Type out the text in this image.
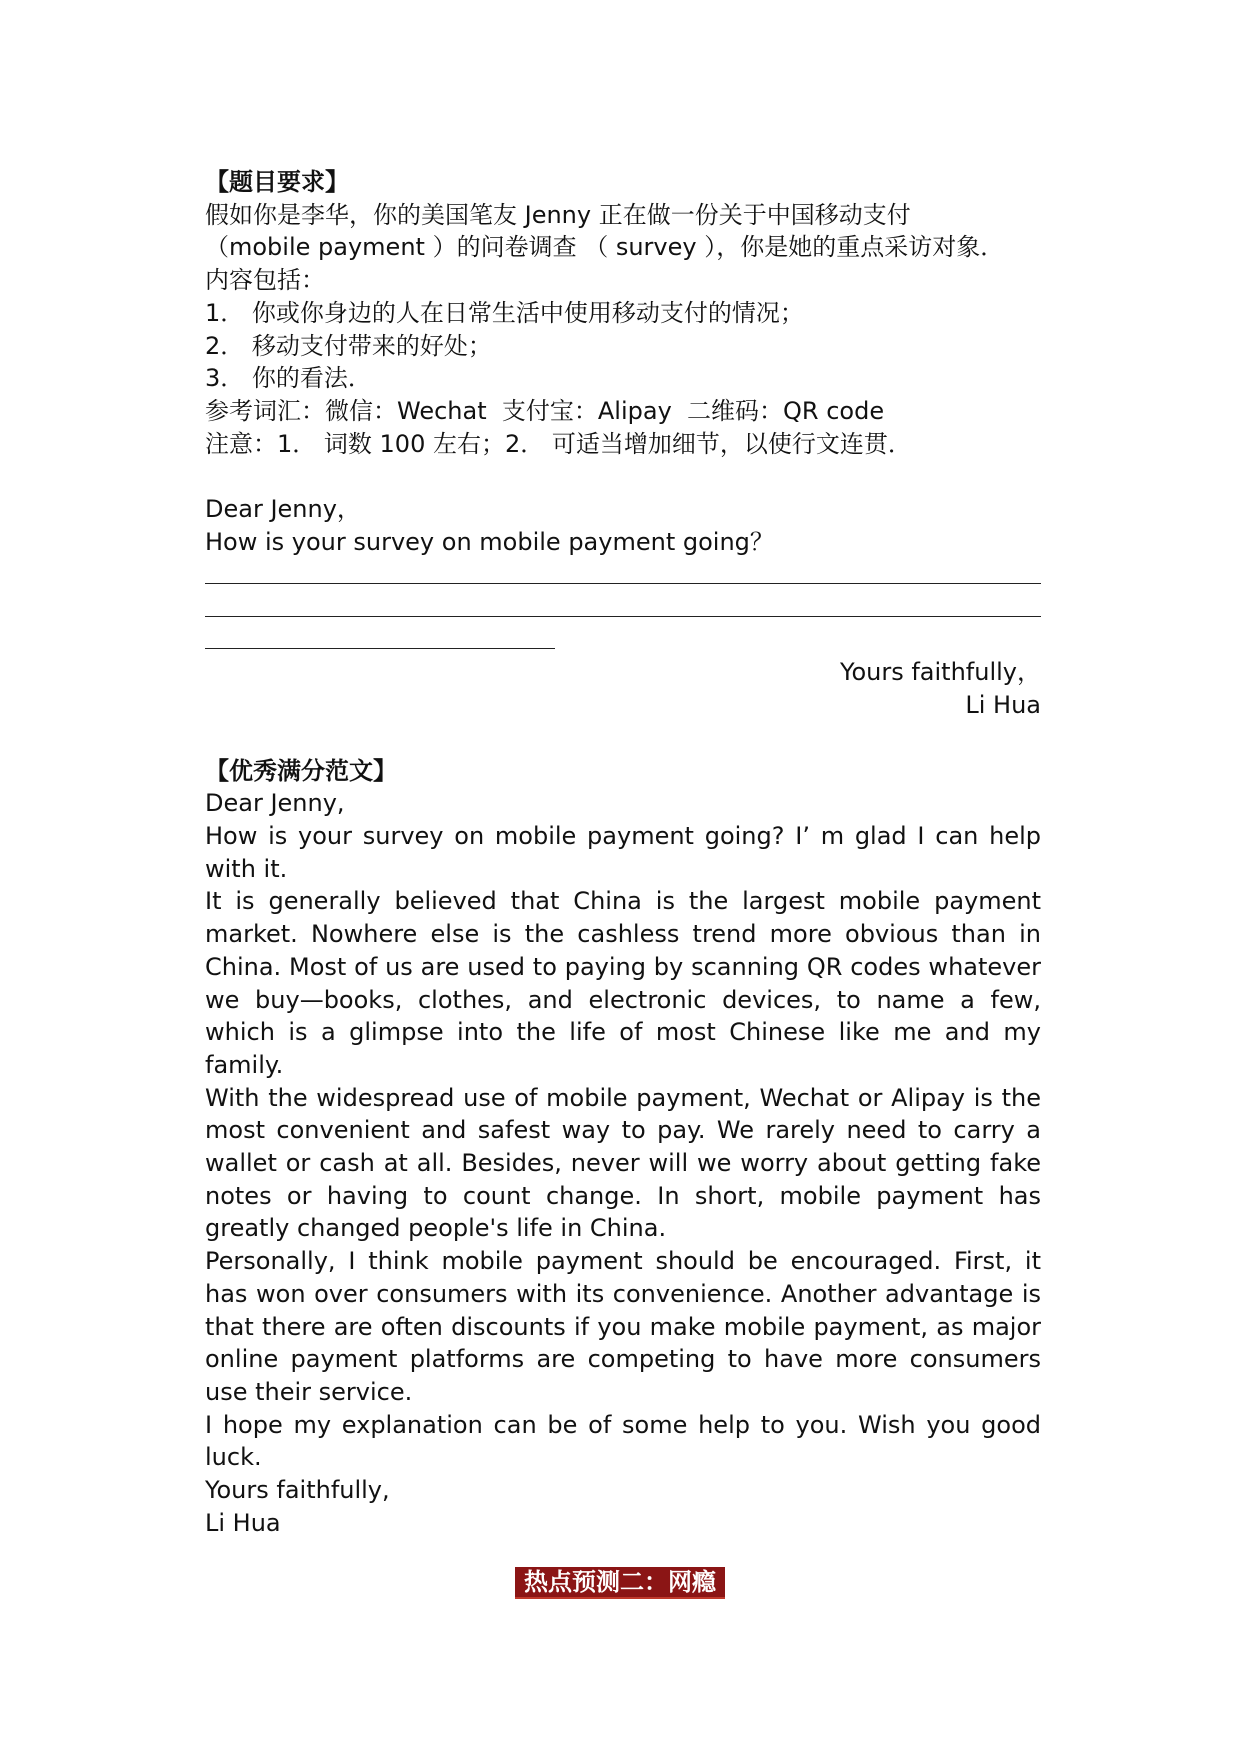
【题目要求】
假如你是李华，你的美国笔友 Jenny 正在做一份关于中国移动支付
（mobile payment ）的问卷调查 （ survey ），你是她的重点采访对象．
内容包括：
1． 你或你身边的人在日常生活中使用移动支付的情况；
2． 移动支付带来的好处；
3． 你的看法．
参考词汇：微信：Wechat  支付宝：Alipay  二维码：QR code
注意：1． 词数 100 左右；2． 可适当增加细节，以使行文连贯．
Dear Jenny，
How is your survey on mobile payment going？
Yours faithfully，
Li Hua
【优秀满分范文】
Dear Jenny,
How is your survey on mobile payment going? I’ m glad I can help with it.
It is generally believed that China is the largest mobile payment market. Nowhere else is the cashless trend more obvious than in China. Most of us are used to paying by scanning QR codes whatever we buy—books, clothes, and electronic devices, to name a few, which is a glimpse into the life of most Chinese like me and my family.
With the widespread use of mobile payment, Wechat or Alipay is the most convenient and safest way to pay. We rarely need to carry a wallet or cash at all. Besides, never will we worry about getting fake notes or having to count change. In short, mobile payment has greatly changed people's life in China.
Personally, I think mobile payment should be encouraged. First, it has won over consumers with its convenience. Another advantage is that there are often discounts if you make mobile payment, as major online payment platforms are competing to have more consumers use their service.
I hope my explanation can be of some help to you. Wish you good luck.
Yours faithfully,
Li Hua
热点预测二：网瘾
